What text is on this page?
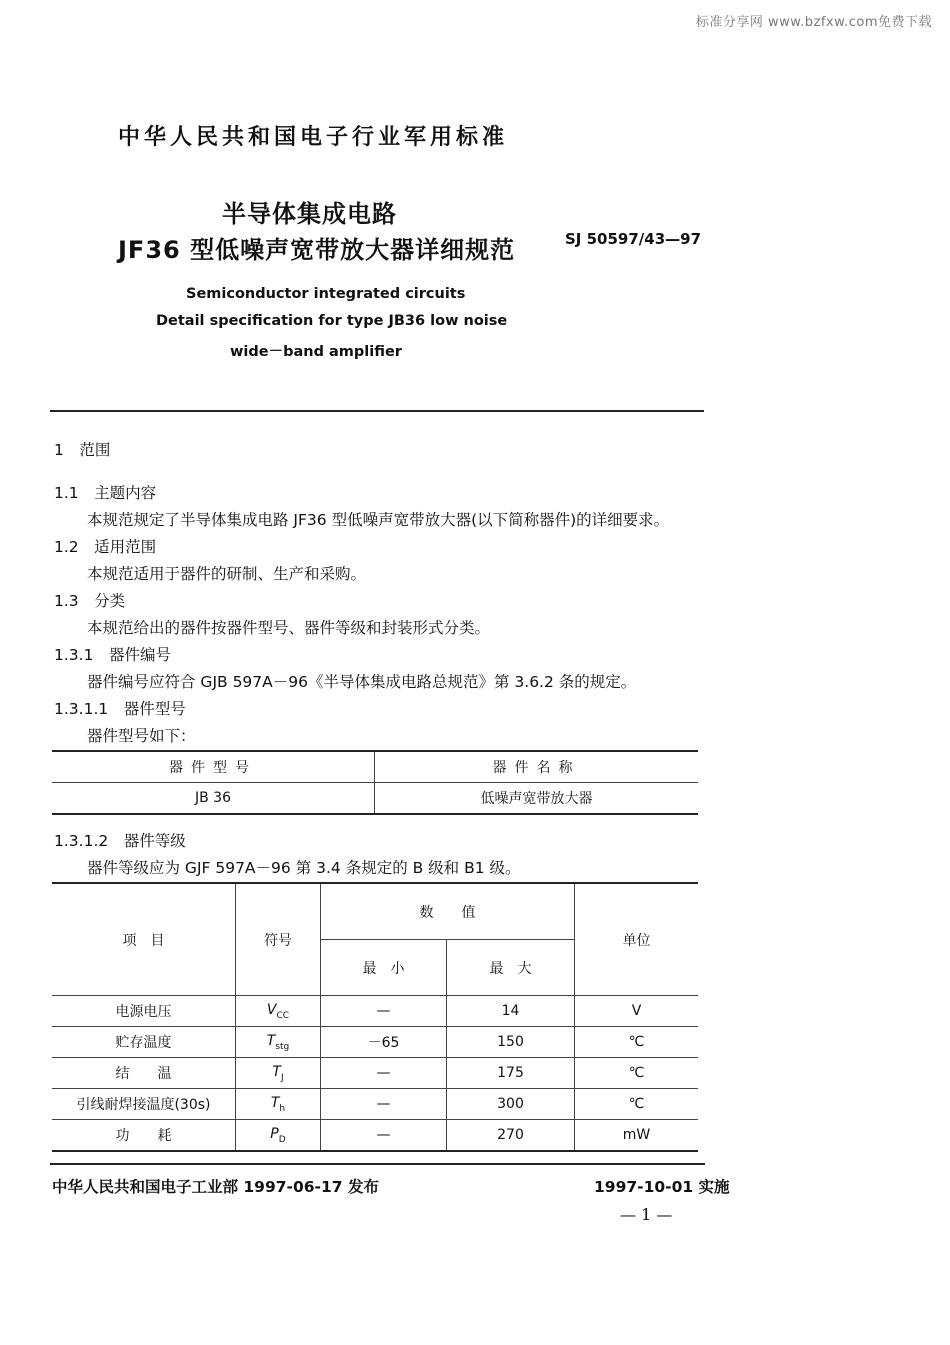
标准分享网 www.bzfxw.com免费下载
中华人民共和国电子行业军用标准
半导体集成电路
JF36 型低噪声宽带放大器详细规范	SJ 50597/43—97
Semiconductor integrated circuits
Detail specification for type JB36 low noise
wide－band amplifier
1　范围
1.1　主题内容
本规范规定了半导体集成电路 JF36 型低噪声宽带放大器(以下简称器件)的详细要求。
1.2　适用范围
本规范适用于器件的研制、生产和采购。
1.3　分类
本规范给出的器件按器件型号、器件等级和封装形式分类。
1.3.1　器件编号
器件编号应符合 GJB 597A－96《半导体集成电路总规范》第 3.6.2 条的规定。
1.3.1.1　器件型号
器件型号如下：
器件型号	器件名称
JB 36	低噪声宽带放大器
1.3.1.2　器件等级
器件等级应为 GJF 597A－96 第 3.4 条规定的 B 级和 B1 级。
项　目	符号	数　　值		单位
		最　小	最　大	
电源电压	$V_{CC}$	—	14	V
贮存温度	$T_{stg}$	－65	150	℃
结　　温	$T_J$	—	175	℃
引线耐焊接温度(30s)	$T_h$	—	300	℃
功　　耗	$P_D$	—	270	mW
中华人民共和国电子工业部 1997-06-17 发布	1997-10-01 实施
— 1 —
